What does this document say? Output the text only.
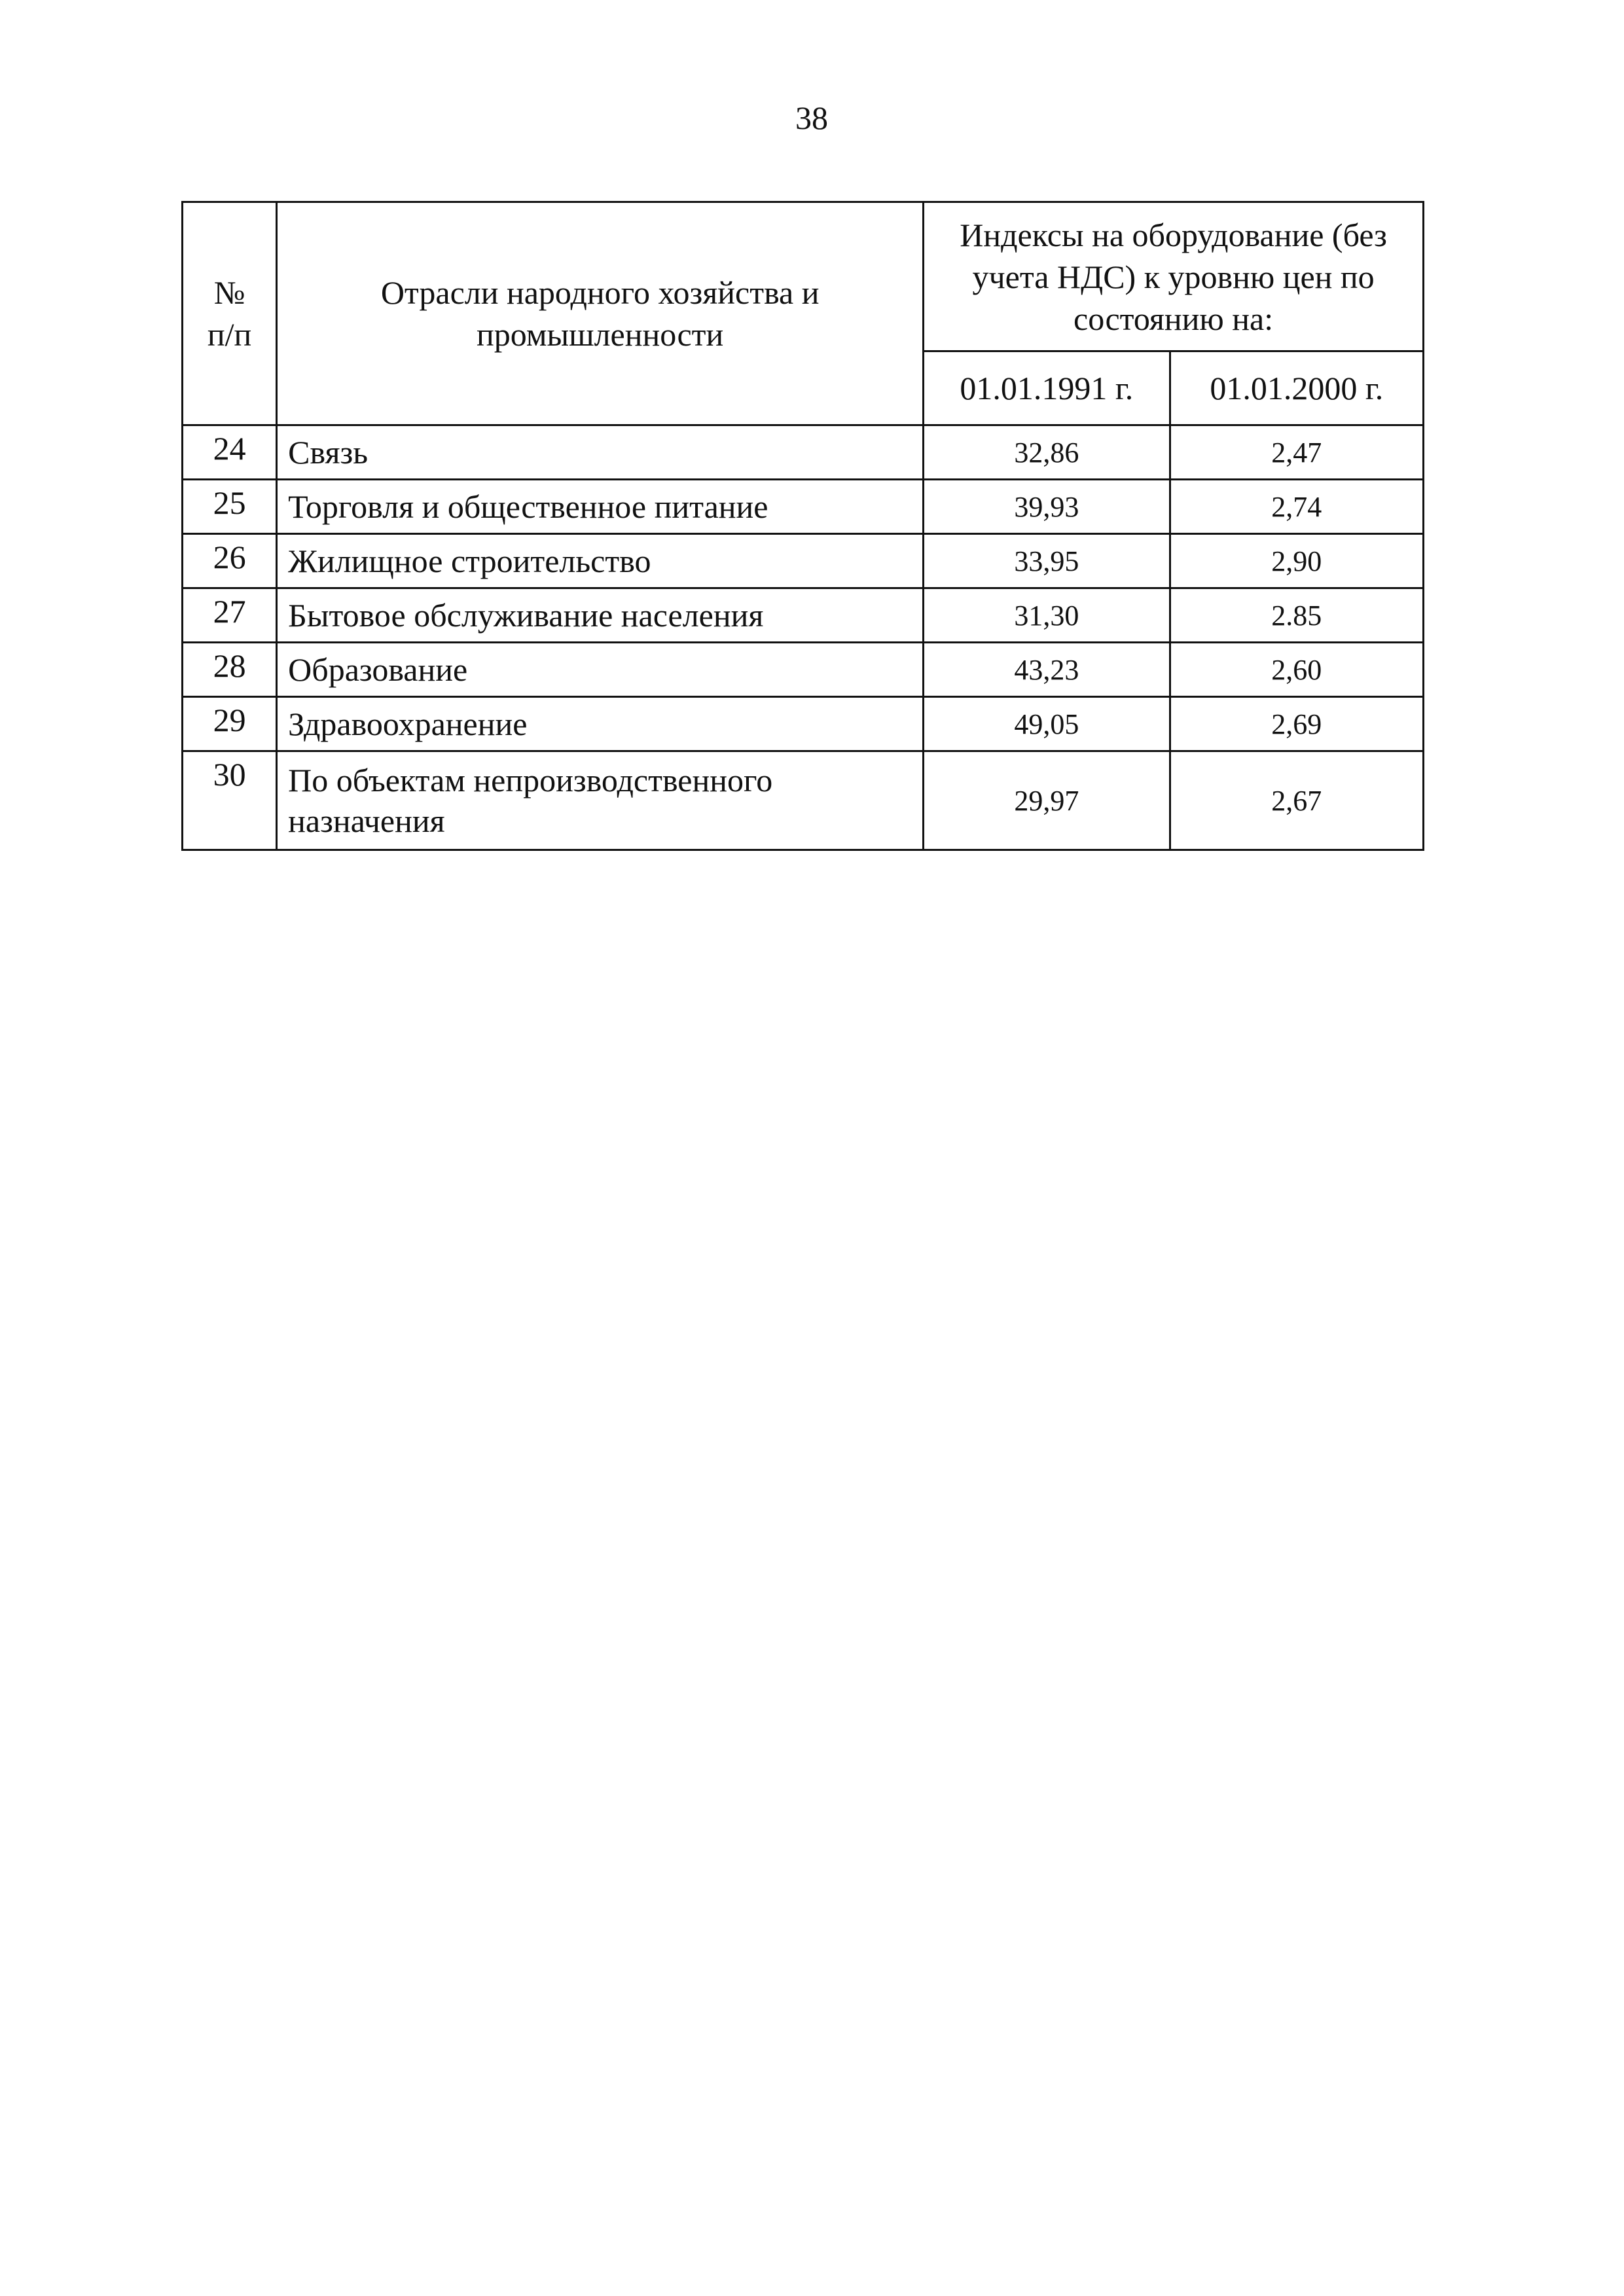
38
№
п/п	Отрасли народного хозяйства и промышленности	Индексы на оборудование (без учета НДС) к уровню цен по состоянию на:	

		01.01.1991 г.	01.01.2000 г.
24	Связь	32,86	2,47
25	Торговля и общественное питание	39,93	2,74
26	Жилищное строительство	33,95	2,90
27	Бытовое обслуживание населения	31,30	2.85
28	Образование	43,23	2,60
29	Здравоохранение	49,05	2,69
30	По объектам непроизводственного назначения	29,97	2,67
